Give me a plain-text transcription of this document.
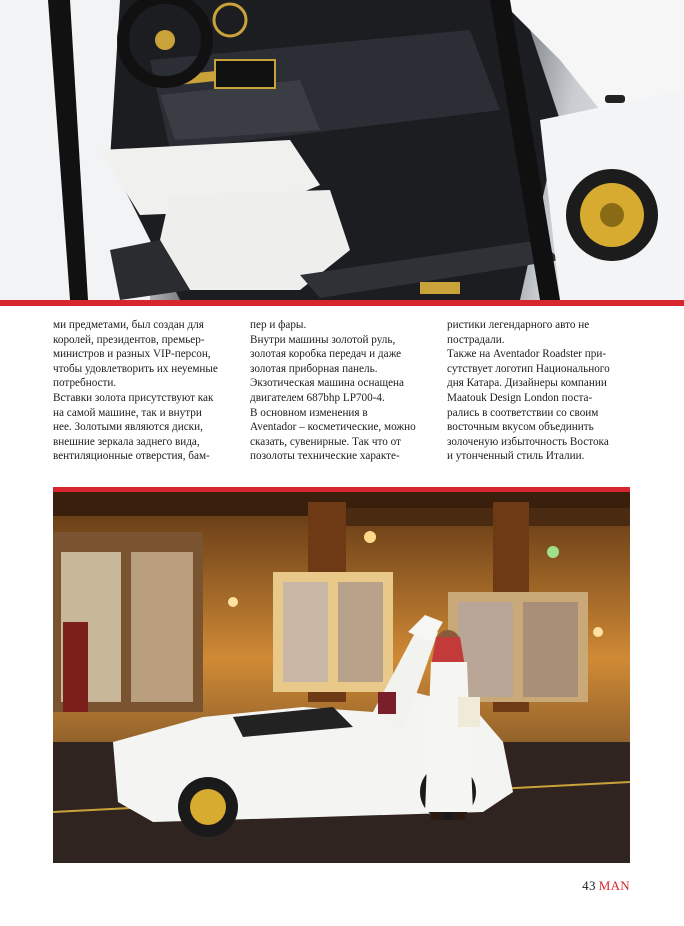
ми предметами, был создан для
королей, президентов, премьер-
министров и разных VIP-персон,
чтобы удовлетворить их неуемные
потребности.
Вставки золота присутствуют как
на самой машине, так и внутри
нее. Золотыми являются диски,
внешние зеркала заднего вида,
вентиляционные отверстия, бам-

пер и фары.
Внутри машины золотой руль,
золотая коробка передач и даже
золотая приборная панель.
Экзотическая машина оснащена
двигателем 687bhp LP700-4.
В основном изменения в
Aventador – косметические, можно
сказать, сувенирные. Так что от
позолоты технические характе-

ристики легендарного авто не
пострадали.
Также на Aventador Roadster при-
сутствует логотип Национального
дня Катара. Дизайнеры компании
Maatouk Design London поста-
рались в соответствии со своим
восточным вкусом объединить
золоченую избыточность Востока
и утонченный стиль Италии.

43 MAN
